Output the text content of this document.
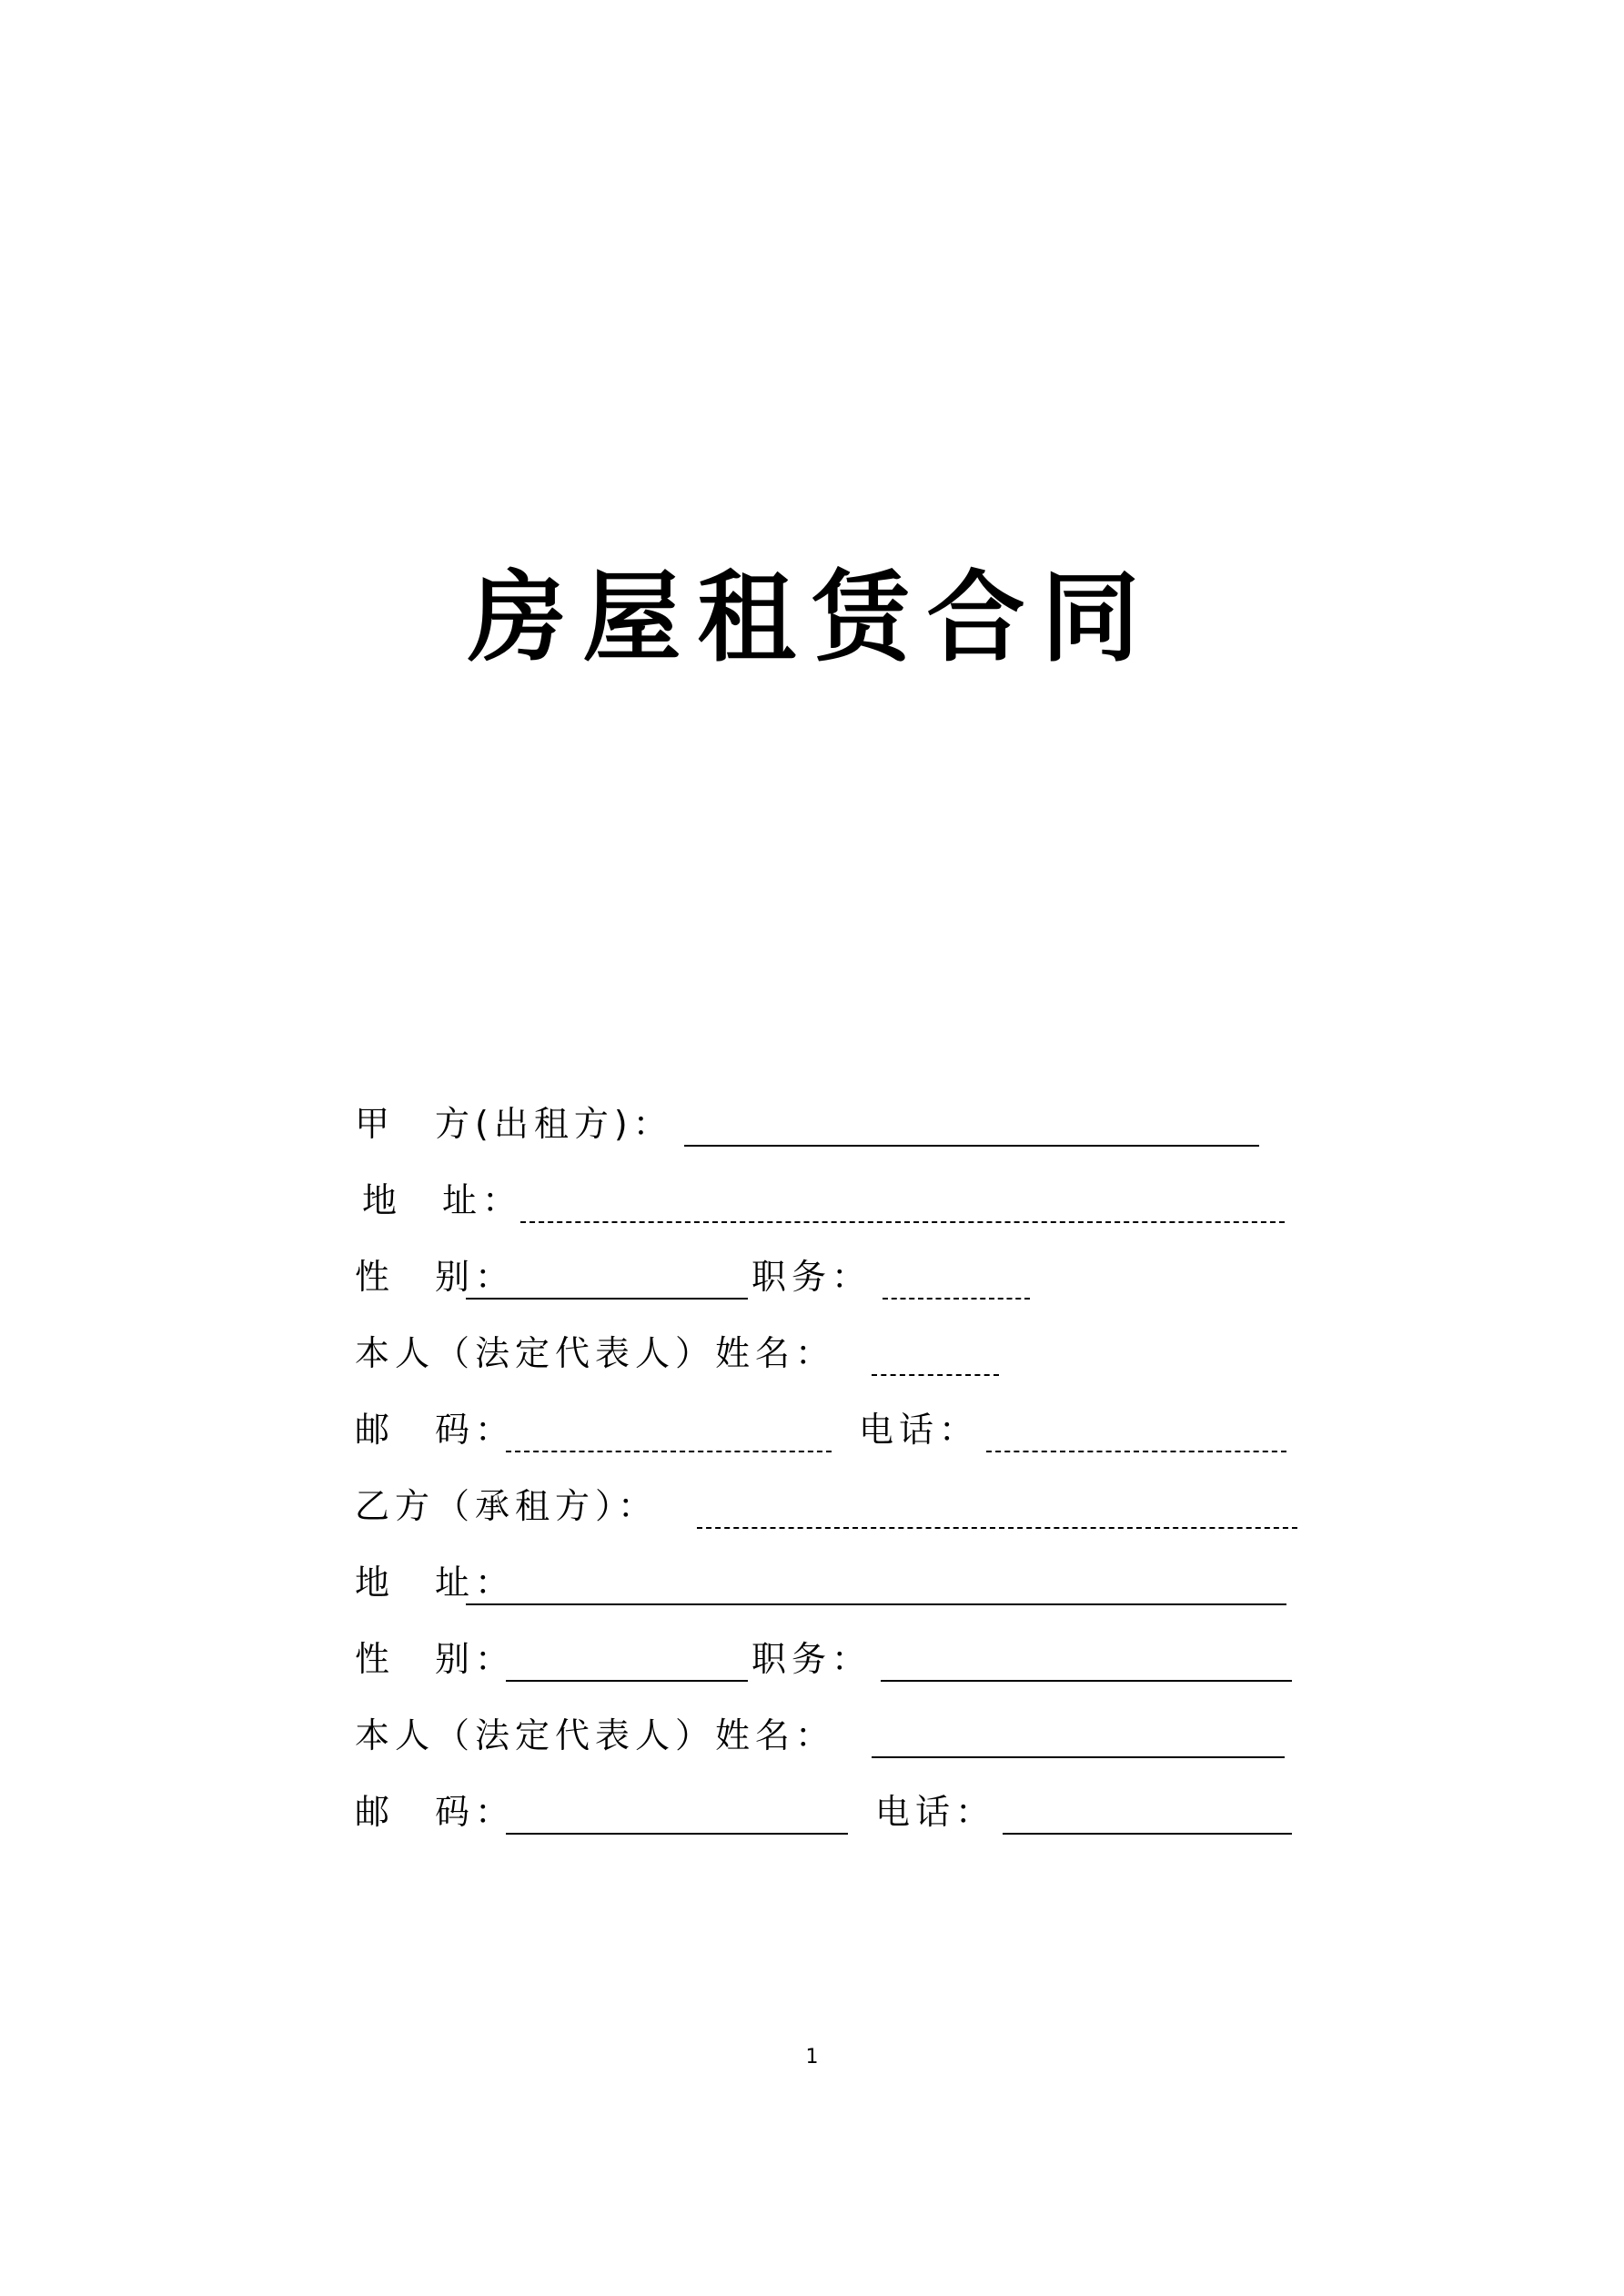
房屋租赁合同
甲　方(出租方)：
地　址：
性　别：	职务：
本人（法定代表人）姓名：
邮　码：	电话：
乙方（承租方）：
地　址：
性　别：	职务：
本人（法定代表人）姓名：
邮　码：	电话：
1
